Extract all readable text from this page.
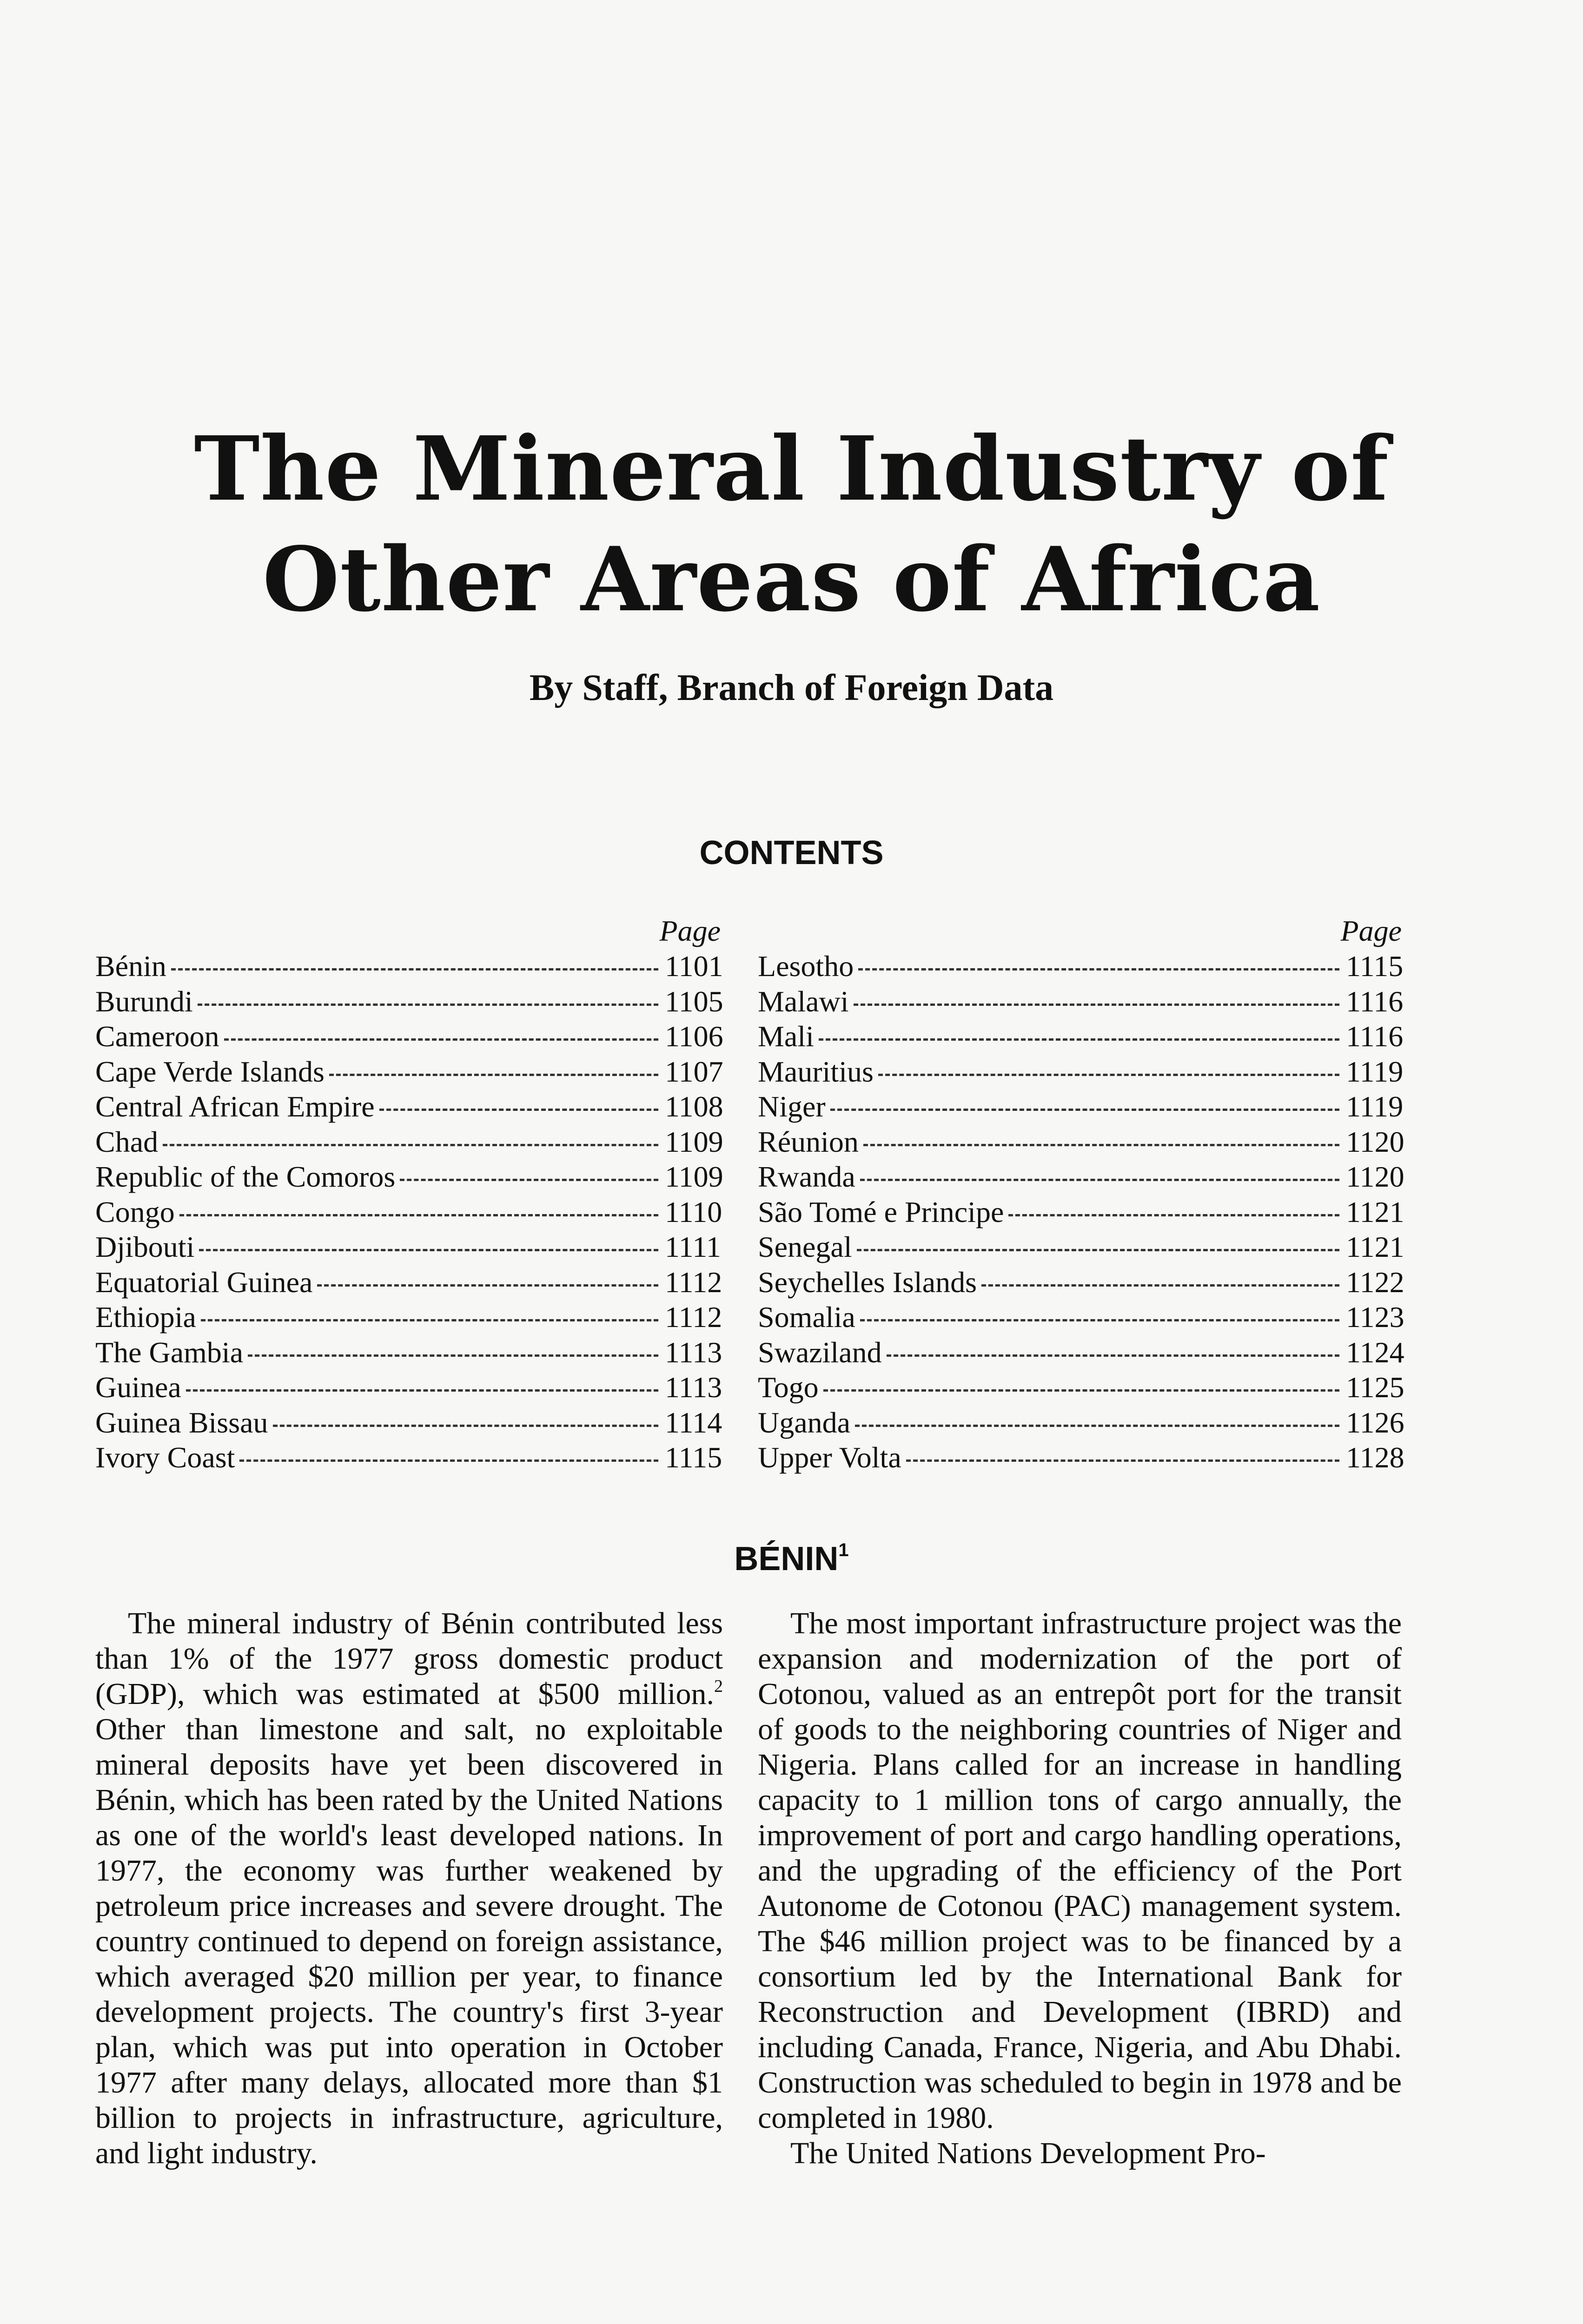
The Mineral Industry of
Other Areas of Africa
By Staff, Branch of Foreign Data
CONTENTS
Page
Bénin	1101
Burundi	1105
Cameroon	1106
Cape Verde Islands	1107
Central African Empire	1108
Chad	1109
Republic of the Comoros	1109
Congo	1110
Djibouti	1111
Equatorial Guinea	1112
Ethiopia	1112
The Gambia	1113
Guinea	1113
Guinea Bissau	1114
Ivory Coast	1115
Page
Lesotho	1115
Malawi	1116
Mali	1116
Mauritius	1119
Niger	1119
Réunion	1120
Rwanda	1120
São Tomé e Principe	1121
Senegal	1121
Seychelles Islands	1122
Somalia	1123
Swaziland	1124
Togo	1125
Uganda	1126
Upper Volta	1128
BÉNIN$^1$

The mineral industry of Bénin contributed less than 1% of the 1977 gross domestic product (GDP), which was estimated at $500 million.$^2$ Other than limestone and salt, no exploitable mineral deposits have yet been discovered in Bénin, which has been rated by the United Nations as one of the world's least developed nations. In 1977, the economy was further weakened by petroleum price increases and severe drought. The country continued to depend on foreign assistance, which averaged $20 million per year, to finance development projects. The country's first 3-year plan, which was put into operation in October 1977 after many delays, allocated more than $1 billion to projects in infrastructure, agriculture, and light industry.

The most important infrastructure project was the expansion and modernization of the port of Cotonou, valued as an entrepôt port for the transit of goods to the neighboring countries of Niger and Nigeria. Plans called for an increase in handling capacity to 1 million tons of cargo annually, the improvement of port and cargo handling operations, and the upgrading of the efficiency of the Port Autonome de Cotonou (PAC) management system. The $46 million project was to be financed by a consortium led by the International Bank for Reconstruction and Development (IBRD) and including Canada, France, Nigeria, and Abu Dhabi. Construction was scheduled to begin in 1978 and be completed in 1980.

The United Nations Development Pro-
